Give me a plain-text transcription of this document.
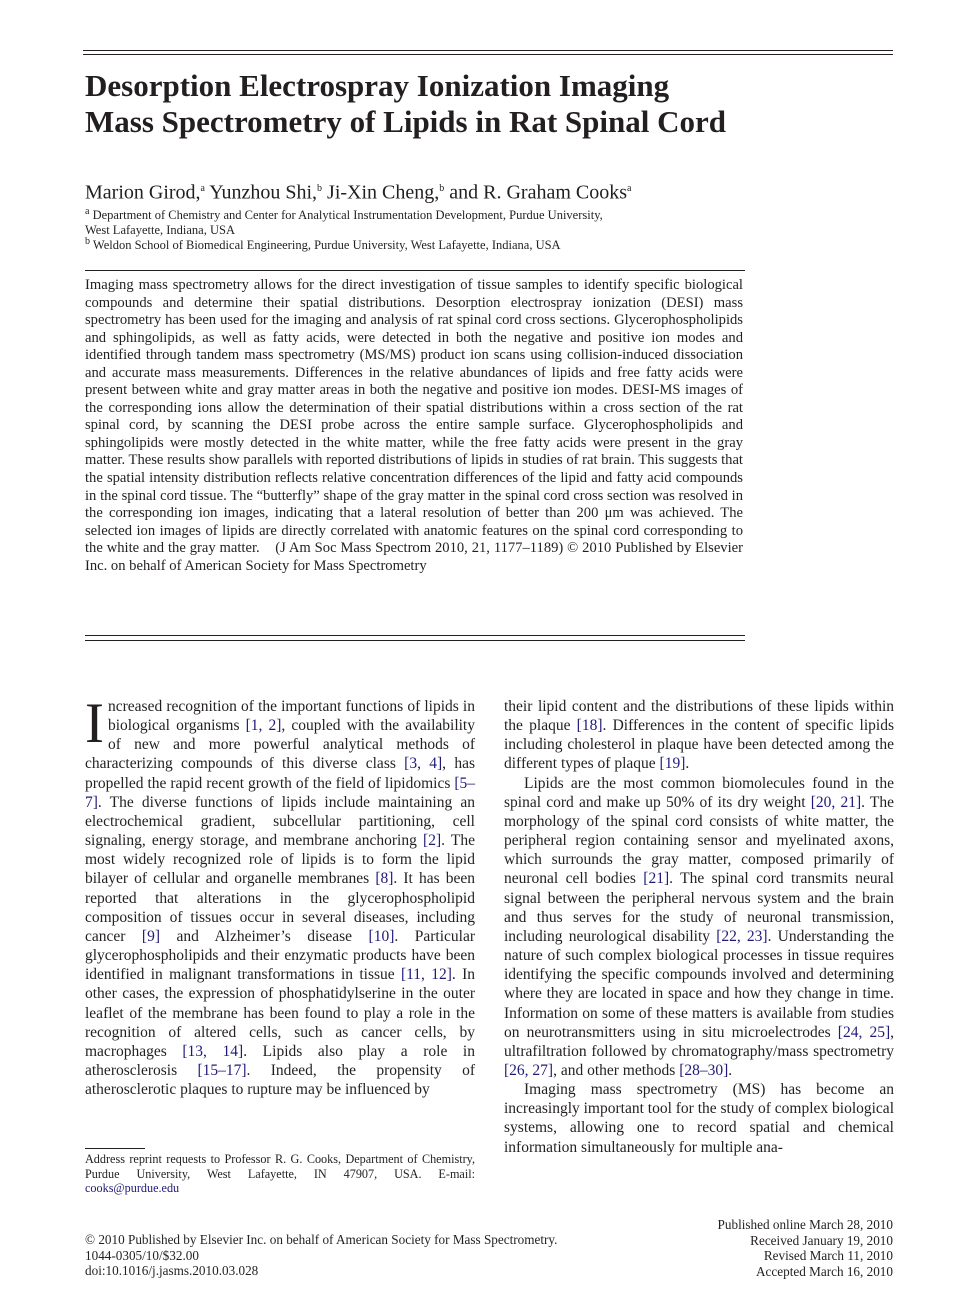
Desorption Electrospray Ionization Imaging
Mass Spectrometry of Lipids in Rat Spinal Cord
Marion Girod,$^a$ Yunzhou Shi,$^b$ Ji-Xin Cheng,$^b$ and R. Graham Cooks$^a$
$^a$ Department of Chemistry and Center for Analytical Instrumentation Development, Purdue University,
West Lafayette, Indiana, USA
$^b$ Weldon School of Biomedical Engineering, Purdue University, West Lafayette, Indiana, USA
Imaging mass spectrometry allows for the direct investigation of tissue samples to identify specific biological compounds and determine their spatial distributions. Desorption electrospray ionization (DESI) mass spectrometry has been used for the imaging and analysis of rat spinal cord cross sections. Glycerophospholipids and sphingolipids, as well as fatty acids, were detected in both the negative and positive ion modes and identified through tandem mass spectrometry (MS/MS) product ion scans using collision-induced dissociation and accurate mass measurements. Differences in the relative abundances of lipids and free fatty acids were present between white and gray matter areas in both the negative and positive ion modes. DESI-MS images of the corresponding ions allow the determination of their spatial distributions within a cross section of the rat spinal cord, by scanning the DESI probe across the entire sample surface. Glycerophospholipids and sphingolipids were mostly detected in the white matter, while the free fatty acids were present in the gray matter. These results show parallels with reported distributions of lipids in studies of rat brain. This suggests that the spatial intensity distribution reflects relative concentration differences of the lipid and fatty acid compounds in the spinal cord tissue. The “butterfly” shape of the gray matter in the spinal cord cross section was resolved in the corresponding ion images, indicating that a lateral resolution of better than 200 μm was achieved. The selected ion images of lipids are directly correlated with anatomic features on the spinal cord corresponding to the white and the gray matter. (J Am Soc Mass Spectrom 2010, 21, 1177–1189) © 2010 Published by Elsevier Inc. on behalf of American Society for Mass Spectrometry

Increased recognition of the important functions of lipids in biological organisms [1, 2], coupled with the availability of new and more powerful analytical methods of characterizing compounds of this diverse class [3, 4], has propelled the rapid recent growth of the field of lipidomics [5–7]. The diverse functions of lipids include maintaining an electrochemical gradient, subcellular partitioning, cell signaling, energy storage, and membrane anchoring [2]. The most widely recognized role of lipids is to form the lipid bilayer of cellular and organelle membranes [8]. It has been reported that alterations in the glycerophospholipid composition of tissues occur in several diseases, including cancer [9] and Alzheimer’s disease [10]. Particular glycerophospholipids and their enzymatic products have been identified in malignant transformations in tissue [11, 12]. In other cases, the expression of phosphatidylserine in the outer leaflet of the membrane has been found to play a role in the recognition of altered cells, such as cancer cells, by macrophages [13, 14]. Lipids also play a role in atherosclerosis [15–17]. Indeed, the propensity of atherosclerotic plaques to rupture may be influenced by

their lipid content and the distributions of these lipids within the plaque [18]. Differences in the content of specific lipids including cholesterol in plaque have been detected among the different types of plaque [19].

Lipids are the most common biomolecules found in the spinal cord and make up 50% of its dry weight [20, 21]. The morphology of the spinal cord consists of white matter, the peripheral region containing sensor and myelinated axons, which surrounds the gray matter, composed primarily of neuronal cell bodies [21]. The spinal cord transmits neural signal between the peripheral nervous system and the brain and thus serves for the study of neuronal transmission, including neurological disability [22, 23]. Understanding the nature of such complex biological processes in tissue requires identifying the specific compounds involved and determining where they are located in space and how they change in time. Information on some of these matters is available from studies on neurotransmitters using in situ microelectrodes [24, 25], ultrafiltration followed by chromatography/mass spectrometry [26, 27], and other methods [28–30].

Imaging mass spectrometry (MS) has become an increasingly important tool for the study of complex biological systems, allowing one to record spatial and chemical information simultaneously for multiple ana-

Address reprint requests to Professor R. G. Cooks, Department of Chemistry, Purdue University, West Lafayette, IN 47907, USA. E-mail: cooks@purdue.edu
© 2010 Published by Elsevier Inc. on behalf of American Society for Mass Spectrometry.
1044-0305/10/$32.00
doi:10.1016/j.jasms.2010.03.028
Published online March 28, 2010
Received January 19, 2010
Revised March 11, 2010
Accepted March 16, 2010
